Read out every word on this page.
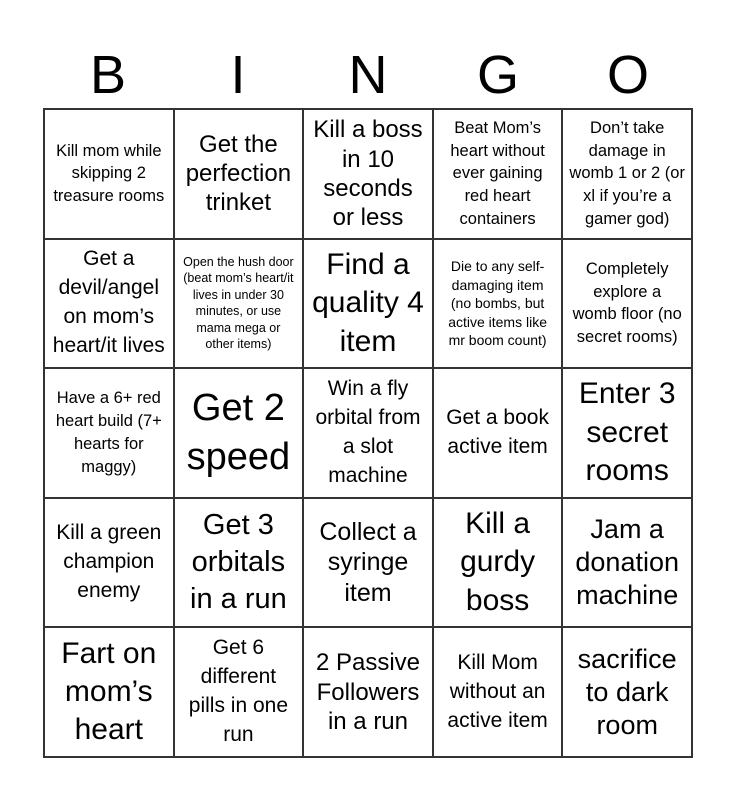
B	I	N	G	O
Kill mom while skipping 2 treasure rooms
Get the perfection trinket
Kill a boss in 10 seconds or less
Beat Mom’s heart without ever gaining red heart containers
Don’t take damage in womb 1 or 2 (or xl if you’re a gamer god)
Get a devil/angel on mom’s heart/it lives
Open the hush door (beat mom’s heart/it lives in under 30 minutes, or use mama mega or other items)
Find a quality 4 item
Die to any self-damaging item (no bombs, but active items like mr boom count)
Completely explore a womb floor (no secret rooms)
Have a 6+ red heart build (7+ hearts for maggy)
Get 2 speed
Win a fly orbital from a slot machine
Get a book active item
Enter 3 secret rooms
Kill a green champion enemy
Get 3 orbitals in a run
Collect a syringe item
Kill a gurdy boss
Jam a donation machine
Fart on mom’s heart
Get 6 different pills in one run
2 Passive Followers in a run
Kill Mom without an active item
sacrifice to dark room
